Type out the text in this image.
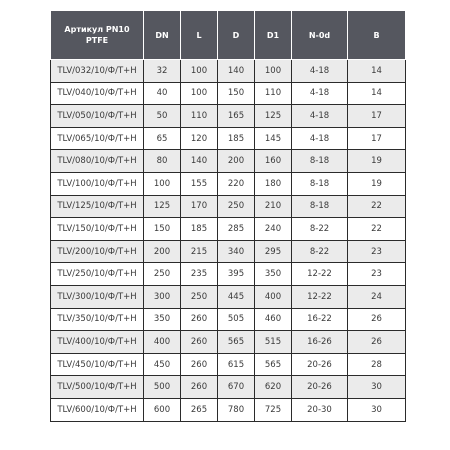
Артикул PN10 PTFE	DN	L	D	D1	N-0d	B
TLV/032/10/Ф/Т+Н	32	100	140	100	4-18	14
TLV/040/10/Ф/Т+Н	40	100	150	110	4-18	14
TLV/050/10/Ф/Т+Н	50	110	165	125	4-18	17
TLV/065/10/Ф/Т+Н	65	120	185	145	4-18	17
TLV/080/10/Ф/Т+Н	80	140	200	160	8-18	19
TLV/100/10/Ф/Т+Н	100	155	220	180	8-18	19
TLV/125/10/Ф/Т+Н	125	170	250	210	8-18	22
TLV/150/10/Ф/Т+Н	150	185	285	240	8-22	22
TLV/200/10/Ф/Т+Н	200	215	340	295	8-22	23
TLV/250/10/Ф/Т+Н	250	235	395	350	12-22	23
TLV/300/10/Ф/Т+Н	300	250	445	400	12-22	24
TLV/350/10/Ф/Т+Н	350	260	505	460	16-22	26
TLV/400/10/Ф/Т+Н	400	260	565	515	16-26	26
TLV/450/10/Ф/Т+Н	450	260	615	565	20-26	28
TLV/500/10/Ф/Т+Н	500	260	670	620	20-26	30
TLV/600/10/Ф/Т+Н	600	265	780	725	20-30	30
